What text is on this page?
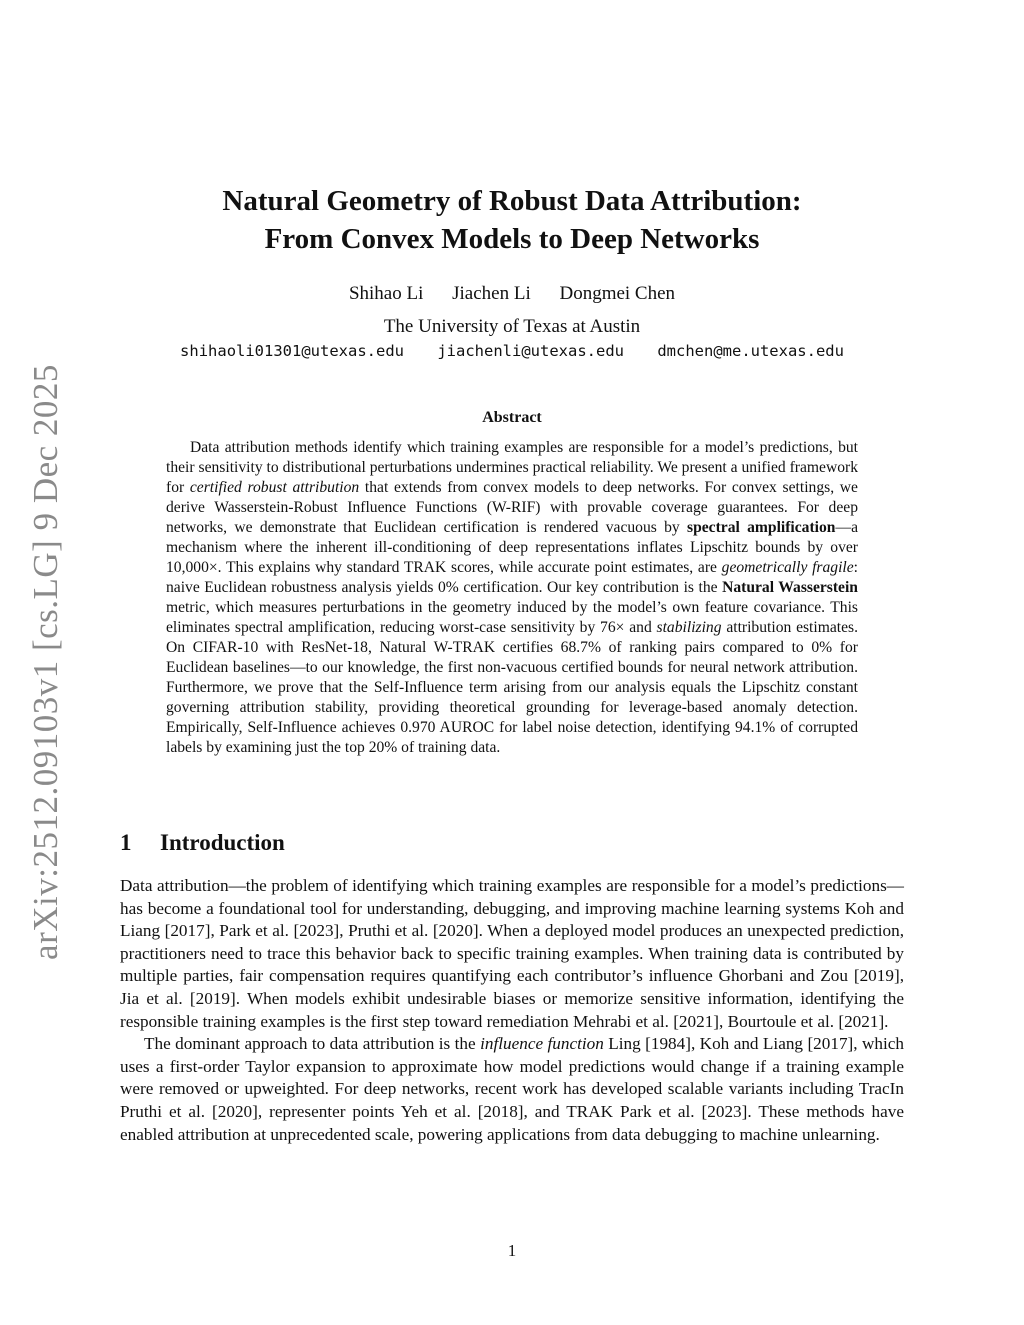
arXiv:2512.09103v1 [cs.LG] 9 Dec 2025
Natural Geometry of Robust Data Attribution:
From Convex Models to Deep Networks
Shihao Li Jiachen Li Dongmei Chen
The University of Texas at Austin
shihaoli01301@utexas.edu jiachenli@utexas.edu dmchen@me.utexas.edu
Abstract
Data attribution methods identify which training examples are responsible for a model’s predictions, but their sensitivity to distributional perturbations undermines practical reliability. We present a unified framework for certified robust attribution that extends from convex models to deep networks. For convex settings, we derive Wasserstein-Robust Influence Functions (W-RIF) with provable coverage guarantees. For deep networks, we demonstrate that Euclidean certification is rendered vacuous by spectral amplification—a mechanism where the inherent ill-conditioning of deep representations inflates Lipschitz bounds by over 10,000×. This explains why standard TRAK scores, while accurate point estimates, are geometrically fragile: naive Euclidean robustness analysis yields 0% certification. Our key contribution is the Natural Wasserstein metric, which measures perturbations in the geometry induced by the model’s own feature covariance. This eliminates spectral amplification, reducing worst-case sensitivity by 76× and stabilizing attribution estimates. On CIFAR-10 with ResNet-18, Natural W-TRAK certifies 68.7% of ranking pairs compared to 0% for Euclidean baselines—to our knowledge, the first non-vacuous certified bounds for neural network attribution. Furthermore, we prove that the Self-Influence term arising from our analysis equals the Lipschitz constant governing attribution stability, providing theoretical grounding for leverage-based anomaly detection. Empirically, Self-Influence achieves 0.970 AUROC for label noise detection, identifying 94.1% of corrupted labels by examining just the top 20% of training data.
1 Introduction

Data attribution—the problem of identifying which training examples are responsible for a model’s predictions—has become a foundational tool for understanding, debugging, and improving machine learning systems Koh and Liang [2017], Park et al. [2023], Pruthi et al. [2020]. When a deployed model produces an unexpected prediction, practitioners need to trace this behavior back to specific training examples. When training data is contributed by multiple parties, fair compensation requires quantifying each contributor’s influence Ghorbani and Zou [2019], Jia et al. [2019]. When models exhibit undesirable biases or memorize sensitive information, identifying the responsible training examples is the first step toward remediation Mehrabi et al. [2021], Bourtoule et al. [2021].

The dominant approach to data attribution is the influence function Ling [1984], Koh and Liang [2017], which uses a first-order Taylor expansion to approximate how model predictions would change if a training example were removed or upweighted. For deep networks, recent work has developed scalable variants including TracIn Pruthi et al. [2020], representer points Yeh et al. [2018], and TRAK Park et al. [2023]. These methods have enabled attribution at unprecedented scale, powering applications from data debugging to machine unlearning.

1
